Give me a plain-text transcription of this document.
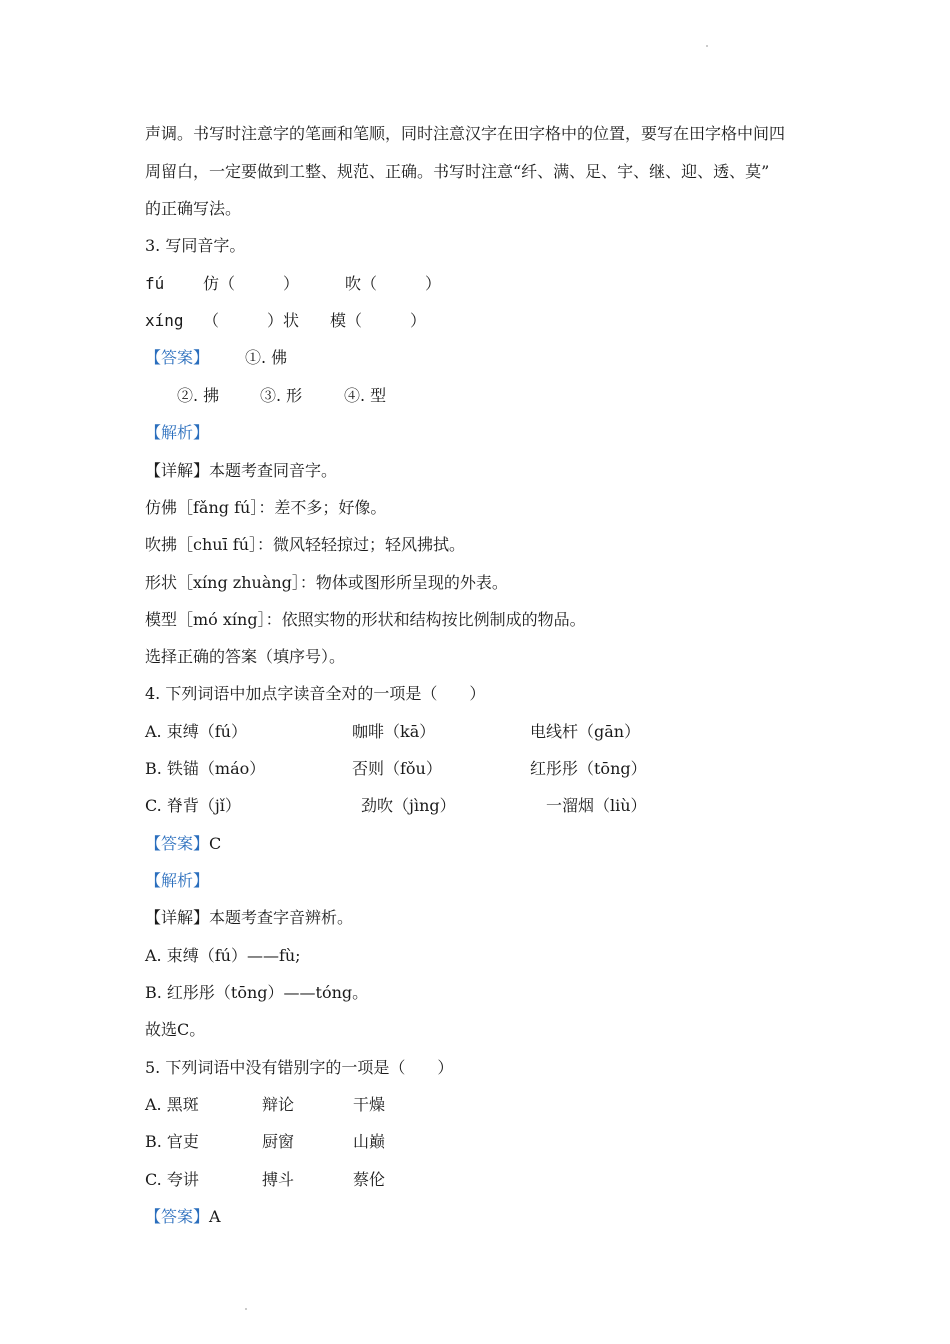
声调。书写时注意字的笔画和笔顺，同时注意汉字在田字格中的位置，要写在田字格中间四
周留白，一定要做到工整、规范、正确。书写时注意“纤、满、足、宇、继、迎、透、莫”
的正确写法。
3. 写同音字。
fú 仿（　　　）	吹（　　　）
xíng （　　　）状 模（　　　）
【答案】 ①. 佛
②. 拂	③. 形	④. 型
【解析】
【详解】本题考查同音字。
仿佛［fǎng fú］：差不多；好像。
吹拂［chuī fú］：微风轻轻掠过；轻风拂拭。
形状［xíng zhuàng］：物体或图形所呈现的外表。
模型［mó xíng］：依照实物的形状和结构按比例制成的物品。
选择正确的答案（填序号）。
4. 下列词语中加点字读音全对的一项是（　　）
A. 束缚（fú）	咖啡（kā）	电线杆（gān）
B. 铁锚（máo）	否则（fǒu）	红彤彤（tōng）
C. 脊背（jǐ）	劲吹（jìng）	一溜烟（liù）
【答案】 C
【解析】
【详解】本题考查字音辨析。
A. 束缚（fú）——fù;
B. 红彤彤（tōng）——tóng。
故选C。
5. 下列词语中没有错别字的一项是（　　）
A. 黑斑	辩论	干燥
B. 官吏	厨窗	山巅
C. 夸讲	搏斗	蔡伦
【答案】 A
